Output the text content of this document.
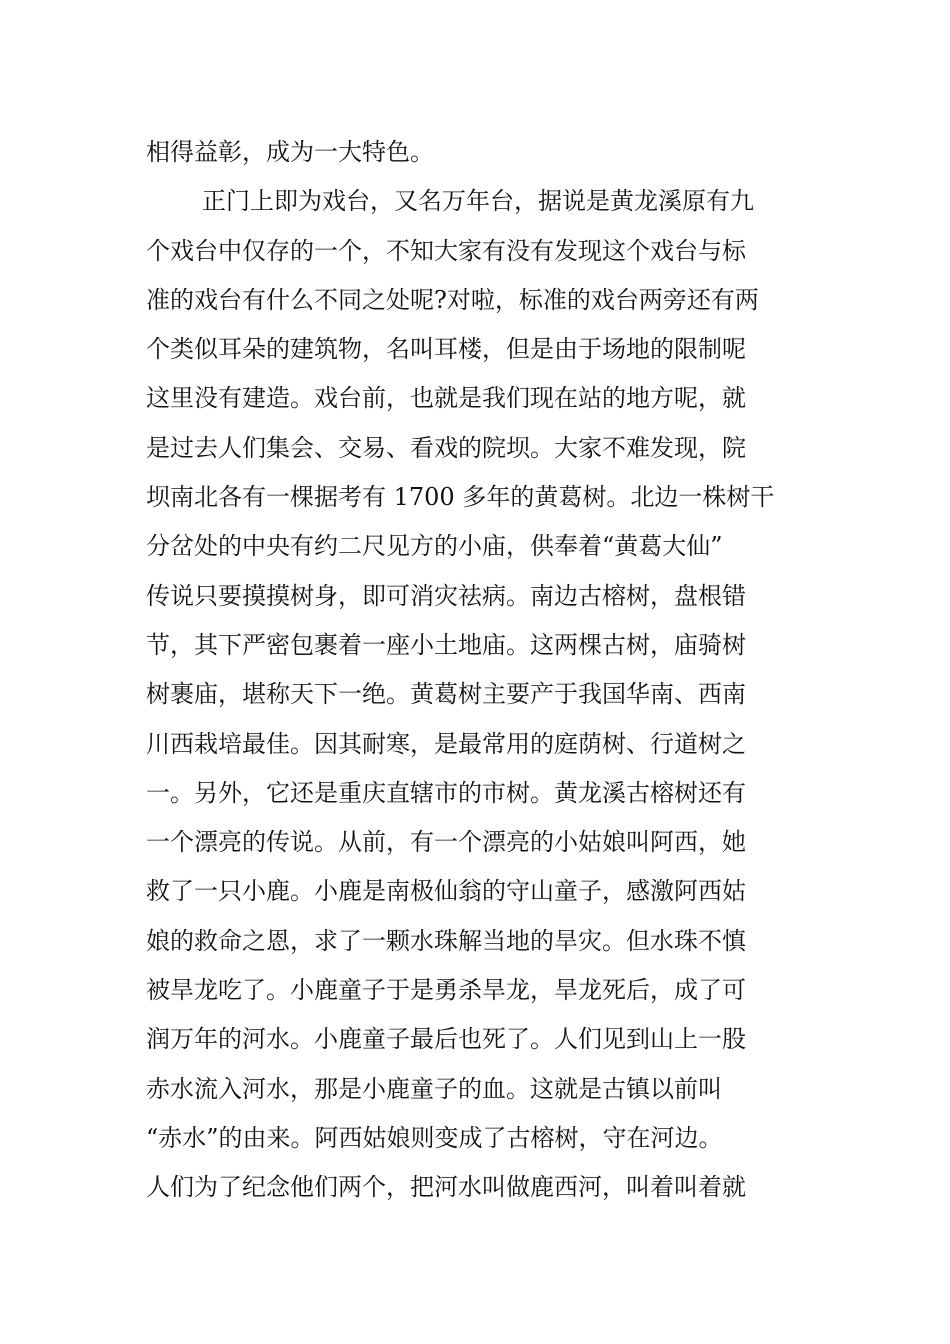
相得益彰，成为一大特色。
正门上即为戏台，又名万年台，据说是黄龙溪原有九
个戏台中仅存的一个，不知大家有没有发现这个戏台与标
准的戏台有什么不同之处呢?对啦，标准的戏台两旁还有两
个类似耳朵的建筑物，名叫耳楼，但是由于场地的限制呢
这里没有建造。戏台前，也就是我们现在站的地方呢，就
是过去人们集会、交易、看戏的院坝。大家不难发现，院
坝南北各有一棵据考有 1700 多年的黄葛树。北边一株树干
分岔处的中央有约二尺见方的小庙，供奉着“黄葛大仙”
传说只要摸摸树身，即可消灾祛病。南边古榕树，盘根错
节，其下严密包裹着一座小土地庙。这两棵古树，庙骑树
树裹庙，堪称天下一绝。黄葛树主要产于我国华南、西南
川西栽培最佳。因其耐寒，是最常用的庭荫树、行道树之
一。另外，它还是重庆直辖市的市树。黄龙溪古榕树还有
一个漂亮的传说。从前，有一个漂亮的小姑娘叫阿西，她
救了一只小鹿。小鹿是南极仙翁的守山童子，感激阿西姑
娘的救命之恩，求了一颗水珠解当地的旱灾。但水珠不慎
被旱龙吃了。小鹿童子于是勇杀旱龙，旱龙死后，成了可
润万年的河水。小鹿童子最后也死了。人们见到山上一股
赤水流入河水，那是小鹿童子的血。这就是古镇以前叫
“赤水”的由来。阿西姑娘则变成了古榕树，守在河边。
人们为了纪念他们两个，把河水叫做鹿西河，叫着叫着就
